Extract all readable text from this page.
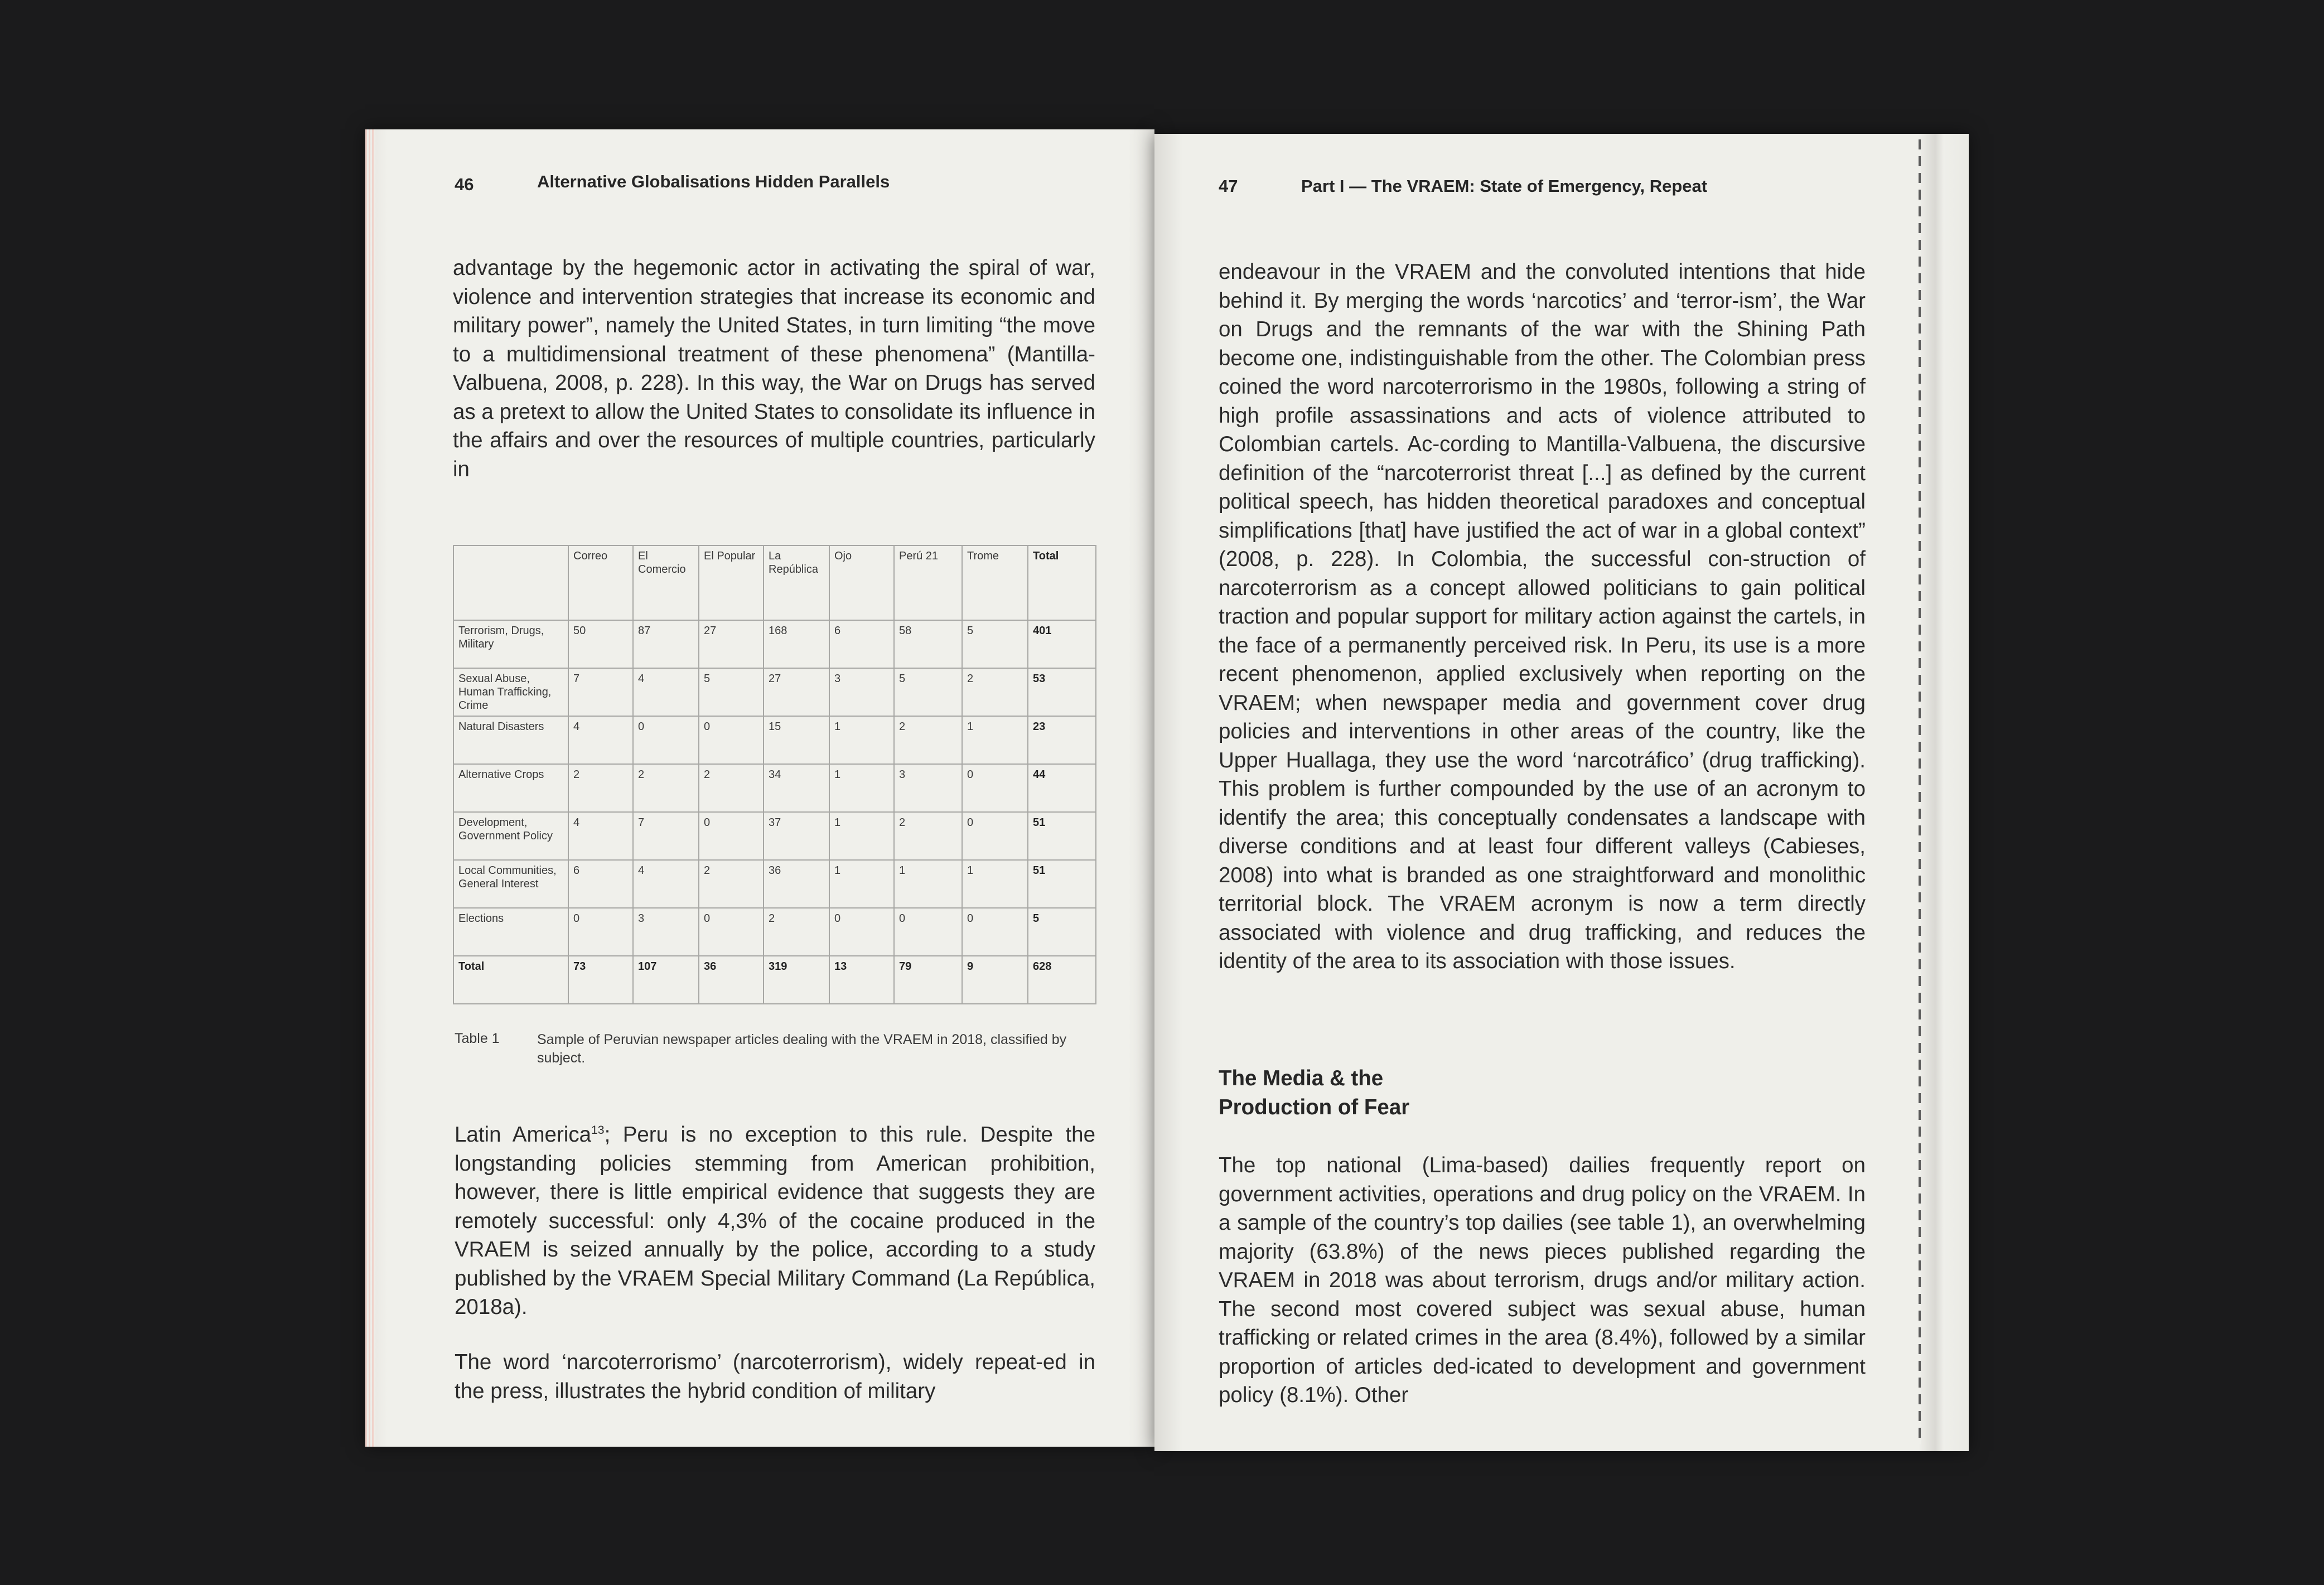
46	Alternative Globalisations Hidden Parallels
advantage by the hegemonic actor in activating the spiral of war, violence and intervention strategies that increase its economic and military power”, namely the United States, in turn limiting “the move to a multidimensional treatment of these phenomena” (Mantilla-Valbuena, 2008, p. 228). In this way, the War on Drugs has served as a pretext to allow the United States to consolidate its influence in the affairs and over the resources of multiple countries, particularly in
	Correo	El Comercio	El Popular	La República	Ojo	Perú 21	Trome	Total
Terrorism, Drugs, Military	50	87	27	168	6	58	5	401
Sexual Abuse, Human Trafficking, Crime	7	4	5	27	3	5	2	53
Natural Disasters	4	0	0	15	1	2	1	23
Alternative Crops	2	2	2	34	1	3	0	44
Development, Government Policy	4	7	0	37	1	2	0	51
Local Communities, General Interest	6	4	2	36	1	1	1	51
Elections	0	3	0	2	0	0	0	5
Total	73	107	36	319	13	79	9	628
Table 1	Sample of Peruvian newspaper articles dealing with the VRAEM in 2018, classified by subject.
Latin America$^{13}$; Peru is no exception to this rule. Despite the longstanding policies stemming from American prohibition, however, there is little empirical evidence that suggests they are remotely successful: only 4,3% of the cocaine produced in the VRAEM is seized annually by the police, according to a study published by the VRAEM Special Military Command (La República, 2018a).
The word ‘narcoterrorismo’ (narcoterrorism), widely repeat-ed in the press, illustrates the hybrid condition of military
47	Part I — The VRAEM: State of Emergency, Repeat
endeavour in the VRAEM and the convoluted intentions that hide behind it. By merging the words ‘narcotics’ and ‘terror-ism’, the War on Drugs and the remnants of the war with the Shining Path become one, indistinguishable from the other. The Colombian press coined the word narcoterrorismo in the 1980s, following a string of high profile assassinations and acts of violence attributed to Colombian cartels. Ac-cording to Mantilla-Valbuena, the discursive definition of the “narcoterrorist threat [...] as defined by the current political speech, has hidden theoretical paradoxes and conceptual simplifications [that] have justified the act of war in a global context” (2008, p. 228). In Colombia, the successful con-struction of narcoterrorism as a concept allowed politicians to gain political traction and popular support for military action against the cartels, in the face of a permanently perceived risk. In Peru, its use is a more recent phenomenon, applied exclusively when reporting on the VRAEM; when newspaper media and government cover drug policies and interventions in other areas of the country, like the Upper Huallaga, they use the word ‘narcotráfico’ (drug trafficking). This problem is further compounded by the use of an acronym to identify the area; this conceptually condensates a landscape with diverse conditions and at least four different valleys (Cabieses, 2008) into what is branded as one straightforward and monolithic territorial block. The VRAEM acronym is now a term directly associated with violence and drug trafficking, and reduces the identity of the area to its association with those issues.
The Media & the
Production of Fear
The top national (Lima-based) dailies frequently report on government activities, operations and drug policy on the VRAEM. In a sample of the country’s top dailies (see table 1), an overwhelming majority (63.8%) of the news pieces published regarding the VRAEM in 2018 was about terrorism, drugs and/or military action. The second most covered subject was sexual abuse, human trafficking or related crimes in the area (8.4%), followed by a similar proportion of articles ded-icated to development and government policy (8.1%). Other
